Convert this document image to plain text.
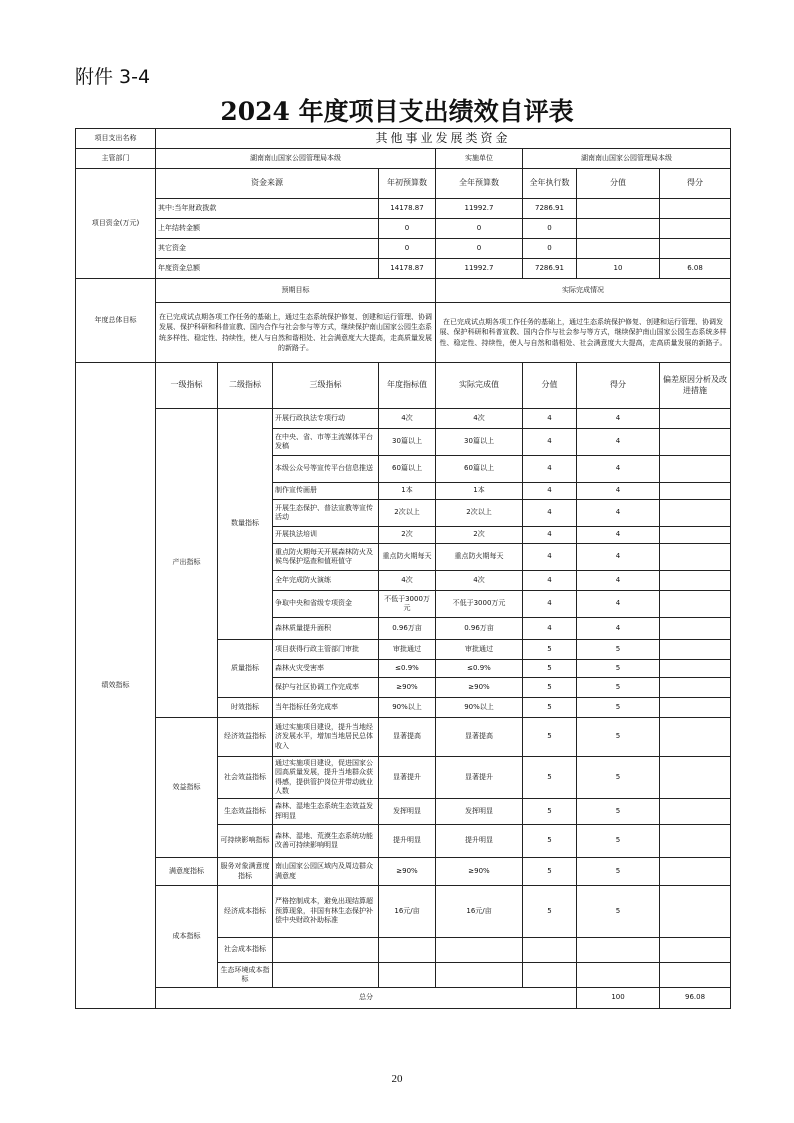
附件 3-4
2024 年度项目支出绩效自评表
项目支出名称	其他事业发展类资金								
主管部门	湖南南山国家公园管理局本级				实施单位	湖南南山国家公园管理局本级			
项目资金(万元)	资金来源			年初预算数	全年预算数	全年执行数	分值	得分	
	其中:当年财政拨款			14178.87	11992.7	7286.91			
	上年结转金额			0	0	0			
	其它资金			0	0	0			
	年度资金总额			14178.87	11992.7	7286.91	10	6.08	
年度总体目标	预期目标				实际完成情况				
	在已完成试点期各项工作任务的基础上，通过生态系统保护修复、创建和运行管理、协调发展、保护科研和科普宣教、国内合作与社会参与等方式，继续保护南山国家公园生态系统多样性、稳定性、持续性，使人与自然和谐相处、社会满意度大大提高，走高质量发展的新路子。				在已完成试点期各项工作任务的基础上，通过生态系统保护修复、创建和运行管理、协调发展、保护科研和科普宣教、国内合作与社会参与等方式，继续保护南山国家公园生态系统多样性、稳定性、持续性，使人与自然和谐相处、社会满意度大大提高，走高质量发展的新路子。				
绩效指标	一级指标	二级指标	三级指标	年度指标值	实际完成值	分值	得分	偏差原因分析及改进措施	
	产出指标	数量指标	开展行政执法专项行动	4次	4次	4	4		
			在中央、省、市等主流媒体平台发稿	30篇以上	30篇以上	4	4		
			本级公众号等宣传平台信息推送	60篇以上	60篇以上	4	4		
			制作宣传画册	1本	1本	4	4		
			开展生态保护、普法宣教等宣传活动	2次以上	2次以上	4	4		
			开展执法培训	2次	2次	4	4		
			重点防火期每天开展森林防火及候鸟保护巡查和值班值守	重点防火期每天	重点防火期每天	4	4		
			全年完成防火演练	4次	4次	4	4		
			争取中央和省级专项资金	不低于3000万元	不低于3000万元	4	4		
			森林质量提升面积	0.96万亩	0.96万亩	4	4		
		质量指标	项目获得行政主管部门审批	审批通过	审批通过	5	5		
			森林火灾受害率	≤0.9%	≤0.9%	5	5		
			保护与社区协调工作完成率	≥90%	≥90%	5	5		
		时效指标	当年指标任务完成率	90%以上	90%以上	5	5		
	效益指标	经济效益指标	通过实施项目建设，提升当地经济发展水平，增加当地居民总体收入	显著提高	显著提高	5	5		
		社会效益指标	通过实施项目建设，促进国家公园高质量发展，提升当地群众获得感，提供管护岗位并带动就业人数	显著提升	显著提升	5	5		
		生态效益指标	森林、湿地生态系统生态效益发挥明显	发挥明显	发挥明显	5	5		
		可持续影响指标	森林、湿地、荒漠生态系统功能改善可持续影响明显	提升明显	提升明显	5	5		
	满意度指标	服务对象满意度指标	南山国家公园区域内及周边群众满意度	≥90%	≥90%	5	5		
	成本指标	经济成本指标	严格控制成本，避免出现结算超预算现象，非国有林生态保护补偿中央财政补助标准	16元/亩	16元/亩	5	5		
		社会成本指标							
		生态环境成本指标							
	总分						100	96.08	
20
